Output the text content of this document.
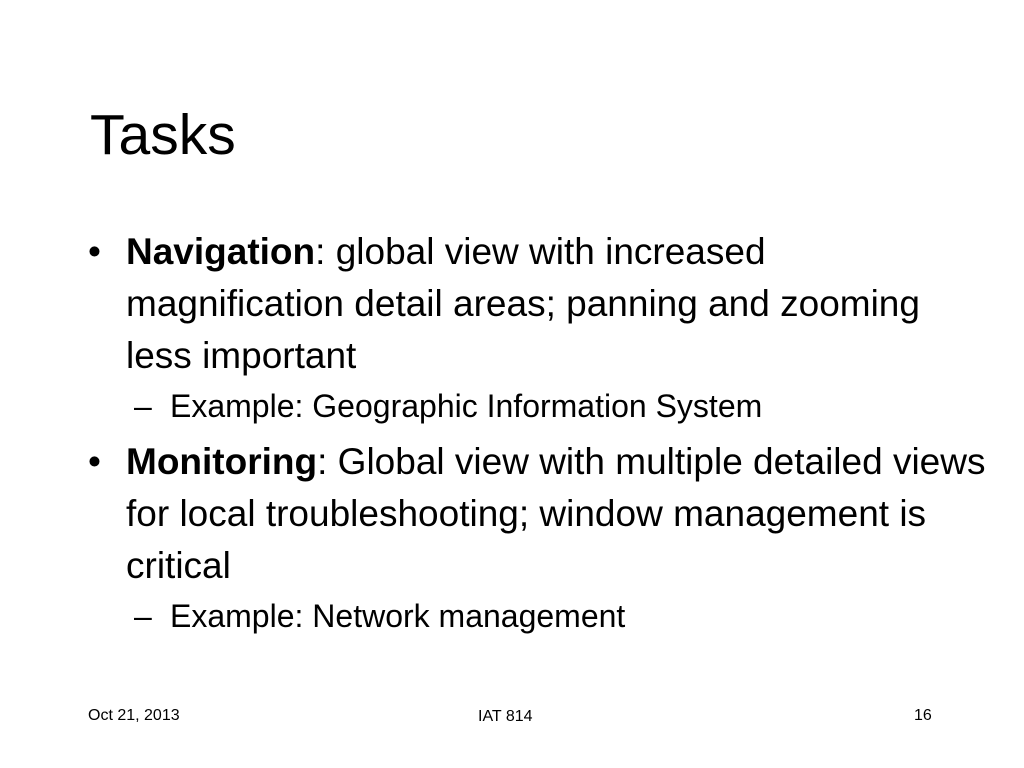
Tasks
• Navigation: global view with increased magnification detail areas; panning and zooming less important
– Example: Geographic Information System
• Monitoring: Global view with multiple detailed views for local troubleshooting; window management is critical
– Example: Network management
Oct 21, 2013	IAT 814	16
